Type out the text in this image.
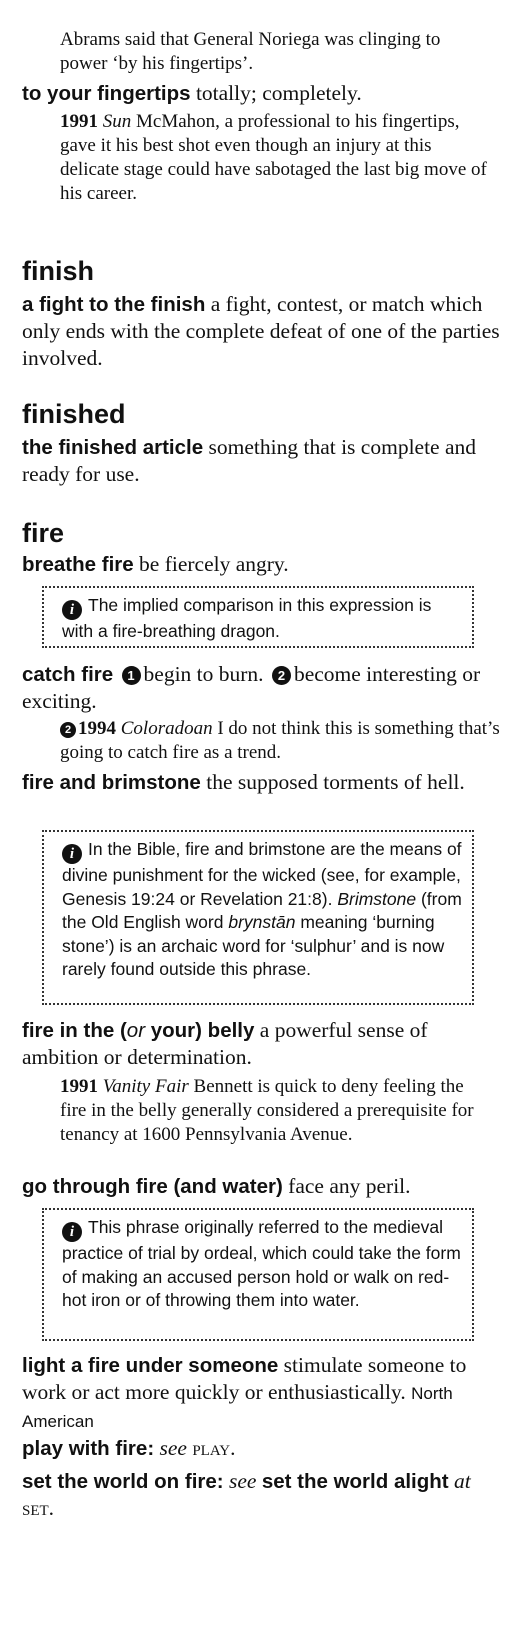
Abrams said that General Noriega was clinging to power ‘by his fingertips’.
to your fingertips totally; completely.
1991 Sun McMahon, a professional to his fingertips, gave it his best shot even though an injury at this delicate stage could have sabotaged the last big move of his career.
finish
a fight to the finish a fight, contest, or match which only ends with the complete defeat of one of the parties involved.
finished
the finished article something that is complete and ready for use.
fire
breathe fire be fiercely angry.
i The implied comparison in this expression is with a fire-breathing dragon.
catch fire 1 begin to burn. 2 become interesting or exciting.
2 1994 Coloradoan I do not think this is something that’s going to catch fire as a trend.
fire and brimstone the supposed torments of hell.
i In the Bible, fire and brimstone are the means of divine punishment for the wicked (see, for example, Genesis 19:24 or Revelation 21:8). Brimstone (from the Old English word brynstān meaning ‘burning stone’) is an archaic word for ‘sulphur’ and is now rarely found outside this phrase.
fire in the (or your) belly a powerful sense of ambition or determination.
1991 Vanity Fair Bennett is quick to deny feeling the fire in the belly generally considered a prerequisite for tenancy at 1600 Pennsylvania Avenue.
go through fire (and water) face any peril.
i This phrase originally referred to the medieval practice of trial by ordeal, which could take the form of making an accused person hold or walk on red-hot iron or of throwing them into water.
light a fire under someone stimulate someone to work or act more quickly or enthusiastically. North American
play with fire: see play.
set the world on fire: see set the world alight at set.
